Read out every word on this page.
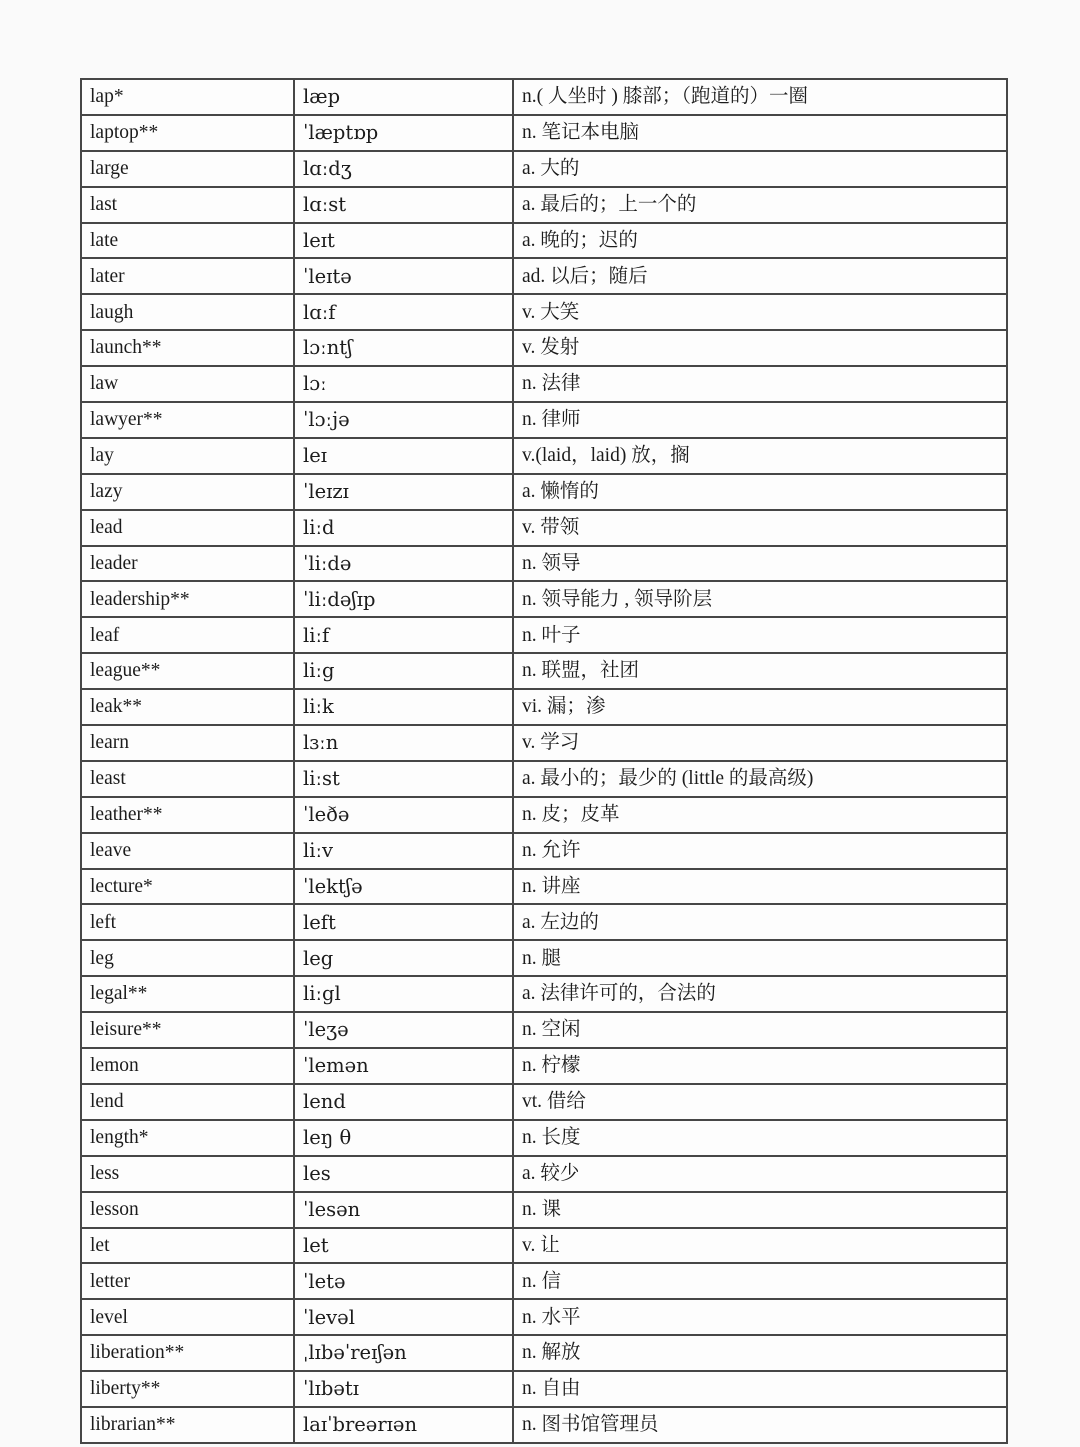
lap*	læp	n.( 人坐时 ) 膝部；（跑道的）一圈
laptop**	ˈlæptɒp	n. 笔记本电脑
large	lɑːdʒ	a. 大的
last	lɑːst	a. 最后的；上一个的
late	leɪt	a. 晚的；迟的
later	ˈleɪtə	ad. 以后；随后
laugh	lɑːf	v. 大笑
launch**	lɔːntʃ	v. 发射
law	lɔː	n. 法律
lawyer**	ˈlɔːjə	n. 律师
lay	leɪ	v.(laid，laid) 放，搁
lazy	ˈleɪzɪ	a. 懒惰的
lead	liːd	v. 带领
leader	ˈliːdə	n. 领导
leadership**	ˈliːdəʃɪp	n. 领导能力 , 领导阶层
leaf	liːf	n. 叶子
league**	liːg	n. 联盟，社团
leak**	liːk	vi. 漏；渗
learn	lɜːn	v. 学习
least	liːst	a. 最小的；最少的 (little 的最高级)
leather**	ˈleðə	n. 皮；皮革
leave	liːv	n. 允许
lecture*	ˈlektʃə	n. 讲座
left	left	a. 左边的
leg	leg	n. 腿
legal**	liːgl	a. 法律许可的，合法的
leisure**	ˈleʒə	n. 空闲
lemon	ˈlemən	n. 柠檬
lend	lend	vt. 借给
length*	leŋ θ	n. 长度
less	les	a. 较少
lesson	ˈlesən	n. 课
let	let	v. 让
letter	ˈletə	n. 信
level	ˈlevəl	n. 水平
liberation**	ˌlɪbəˈreɪʃən	n. 解放
liberty**	ˈlɪbətɪ	n. 自由
librarian**	laɪˈbreərɪən	n. 图书馆管理员
